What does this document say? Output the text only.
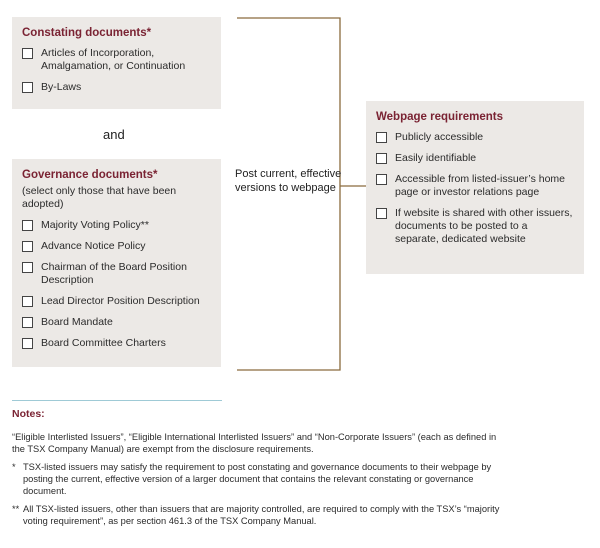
Constating documents*
Articles of Incorporation, Amalgamation, or Continuation
By-Laws
and
Governance documents*
(select only those that have been adopted)
Majority Voting Policy**
Advance Notice Policy
Chairman of the Board Position Description
Lead Director Position Description
Board Mandate
Board Committee Charters
Post current, effective versions to webpage
Webpage requirements
Publicly accessible
Easily identifiable
Accessible from listed-issuer’s home page or investor relations page
If website is shared with other issuers, documents to be posted to a separate, dedicated website
Notes:
“Eligible Interlisted Issuers”, “Eligible International Interlisted Issuers” and “Non-Corporate Issuers” (each as defined in the TSX Company Manual) are exempt from the disclosure requirements.
* TSX-listed issuers may satisfy the requirement to post constating and governance documents to their webpage by posting the current, effective version of a larger document that contains the relevant constating or governance document.
** All TSX-listed issuers, other than issuers that are majority controlled, are required to comply with the TSX’s “majority voting requirement”, as per section 461.3 of the TSX Company Manual.
